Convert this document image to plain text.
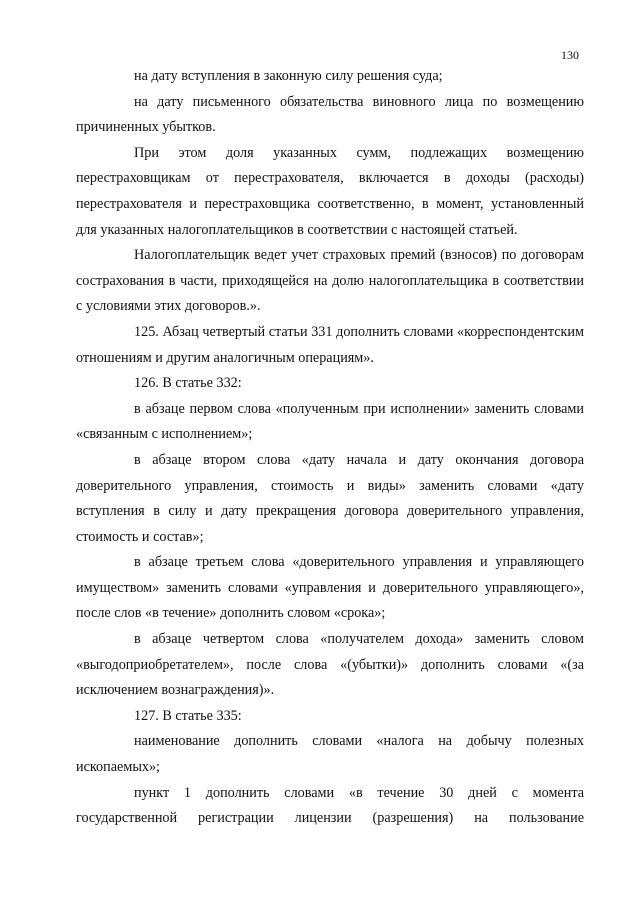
130

на дату вступления в законную силу решения суда;

на дату письменного обязательства виновного лица по возмещению причиненных убытков.

При этом доля указанных сумм, подлежащих возмещению перестраховщикам от перестрахователя, включается в доходы (расходы) перестрахователя и перестраховщика соответственно, в момент, установленный для указанных налогоплательщиков в соответствии с настоящей статьей.

Налогоплательщик ведет учет страховых премий (взносов) по договорам сострахования в части, приходящейся на долю налогоплательщика в соответствии с условиями этих договоров.».

125. Абзац четвертый статьи 331 дополнить словами «корреспондентским отношениям и другим аналогичным операциям».

126. В статье 332:

в абзаце первом слова «полученным при исполнении» заменить словами «связанным с исполнением»;

в абзаце втором слова «дату начала и дату окончания договора доверительного управления, стоимость и виды» заменить словами «дату вступления в силу и дату прекращения договора доверительного управления, стоимость и состав»;

в абзаце третьем слова «доверительного управления и управляющего имуществом» заменить словами «управления и доверительного управляющего», после слов «в течение» дополнить словом «срока»;

в абзаце четвертом слова «получателем дохода» заменить словом «выгодоприобретателем», после слова «(убытки)» дополнить словами «(за исключением вознаграждения)».

127. В статье 335:

наименование дополнить словами «налога на добычу полезных ископаемых»;

пункт 1 дополнить словами «в течение 30 дней с момента государственной регистрации лицензии (разрешения) на пользование
